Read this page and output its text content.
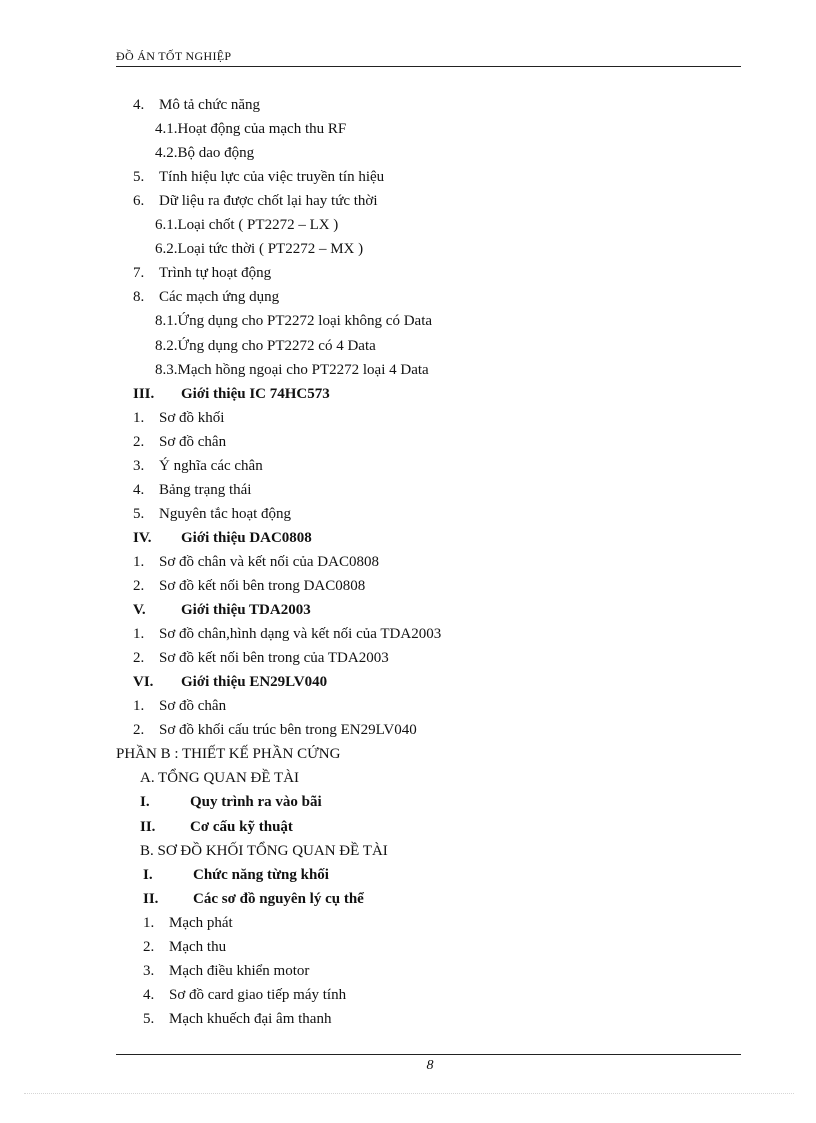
ĐỒ ÁN TỐT NGHIỆP
4. Mô tả chức năng
4.1.Hoạt động của mạch thu RF
4.2.Bộ dao động
5. Tính hiệu lực của việc truyền tín hiệu
6. Dữ liệu ra được chốt lại hay tức thời
6.1.Loại chốt ( PT2272 – LX )
6.2.Loại tức thời ( PT2272 – MX )
7. Trình tự hoạt động
8. Các mạch ứng dụng
8.1.Ứng dụng cho PT2272 loại không có Data
8.2.Ứng dụng cho PT2272 có 4 Data
8.3.Mạch hồng ngoại cho PT2272 loại 4 Data
III. Giới thiệu IC 74HC573
1. Sơ đồ khối
2. Sơ đồ chân
3. Ý nghĩa các chân
4. Bảng trạng thái
5. Nguyên tắc hoạt động
IV. Giới thiệu DAC0808
1. Sơ đồ chân và kết nối của DAC0808
2. Sơ đồ kết nối bên trong DAC0808
V. Giới thiệu TDA2003
1. Sơ đồ chân,hình dạng và kết nối của TDA2003
2. Sơ đồ kết nối bên trong của TDA2003
VI. Giới thiệu EN29LV040
1. Sơ đồ chân
2. Sơ đồ khối cấu trúc bên trong EN29LV040
PHẦN B : THIẾT KẾ PHẦN CỨNG
A. TỔNG QUAN ĐỀ TÀI
I.	Quy trình ra vào bãi
II. Cơ cấu kỹ thuật
B. SƠ ĐỒ KHỐI TỔNG QUAN ĐỀ TÀI
I.	Chức năng từng khối
II. Các sơ đồ nguyên lý cụ thể
1. Mạch phát
2. Mạch thu
3. Mạch điều khiển motor
4. Sơ đồ card giao tiếp máy tính
5. Mạch khuếch đại âm thanh
8
